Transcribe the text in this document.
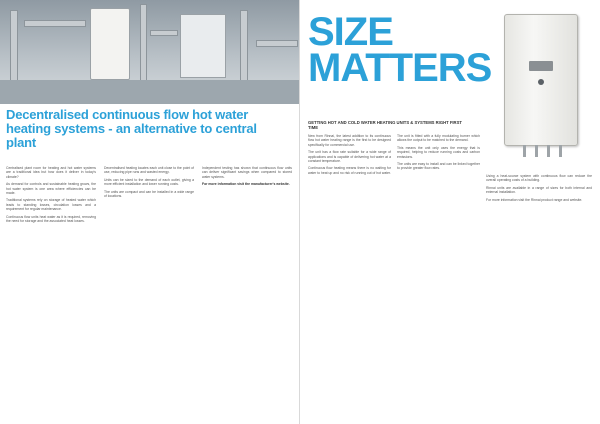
Decentralised continuous flow hot water heating systems - an alternative to central plant

Centralised plant room for heating and hot water systems are a traditional idea but how does it deliver in today's climate?

As demand for controls and sustainable heating grows, the hot water system is one area where efficiencies can be made.

Traditional systems rely on storage of heated water which leads to standing losses, circulation losses and a requirement for regular maintenance.

Continuous flow units heat water as it is required, removing the need for storage and the associated heat losses.

Decentralised heating locates each unit close to the point of use, reducing pipe runs and wasted energy.

Units can be sized to the demand of each outlet, giving a more efficient installation and lower running costs.

The units are compact and can be installed in a wide range of locations.

Independent testing has shown that continuous flow units can deliver significant savings when compared to stored water systems.

For more information visit the manufacturer's website.

SIZE
MATTERS
GETTING HOT AND COLD WATER HEATING UNITS & SYSTEMS RIGHT FIRST TIME

New from Rinnai, the latest addition to its continuous flow hot water heating range is the first to be designed specifically for commercial use.

The unit has a flow rate suitable for a wide range of applications and is capable of delivering hot water at a constant temperature.

Continuous flow heating means there is no waiting for water to heat up and no risk of running out of hot water.

The unit is fitted with a fully modulating burner which allows the output to be matched to the demand.

This means the unit only uses the energy that is required, helping to reduce running costs and carbon emissions.

The units are easy to install and can be linked together to provide greater flow rates.

Using a heat-source system with continuous flow can reduce the overall operating costs of a building.

Rinnai units are available in a range of sizes for both internal and external installation.

For more information visit the Rinnai product range and website.
